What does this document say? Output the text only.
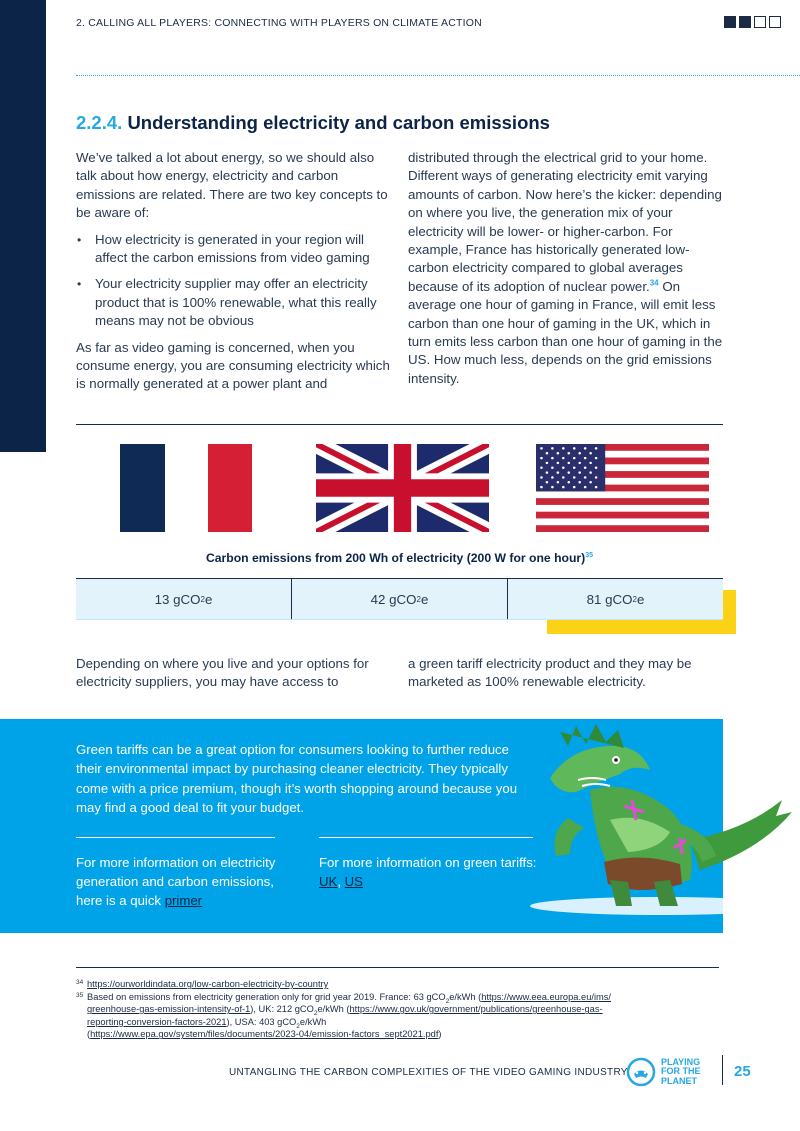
2. CALLING ALL PLAYERS: CONNECTING WITH PLAYERS ON CLIMATE ACTION
2.2.4. Understanding electricity and carbon emissions

We’ve talked a lot about energy, so we should also talk about how energy, electricity and carbon emissions are related. There are two key concepts to be aware of:

• How electricity is generated in your region will affect the carbon emissions from video gaming
• Your electricity supplier may offer an electricity product that is 100% renewable, what this really means may not be obvious

As far as video gaming is concerned, when you consume energy, you are consuming electricity which is normally generated at a power plant and

distributed through the electrical grid to your home. Different ways of generating electricity emit varying amounts of carbon. Now here’s the kicker: depending on where you live, the generation mix of your electricity will be lower- or higher-carbon. For example, France has historically generated low-carbon electricity compared to global averages because of its adoption of nuclear power.$^{34}$ On average one hour of gaming in France, will emit less carbon than one hour of gaming in the UK, which in turn emits less carbon than one hour of gaming in the US. How much less, depends on the grid emissions intensity.

Carbon emissions from 200 Wh of electricity (200 W for one hour)$^{35}$
13
gCO 2 e	42
gCO 2 e	81
gCO 2 e

Depending on where you live and your options for electricity suppliers, you may have access to

a green tariff electricity product and they may be marketed as 100% renewable electricity.

Green tariffs can be a great option for consumers looking to further reduce their environmental impact by purchasing cleaner electricity. They typically come with a price premium, though it’s worth shopping around because you may find a good deal to fit your budget.
For more information on electricity generation and carbon emissions, here is a quick primer
For more information on green tariffs: UK, US
34 https://ourworldindata.org/low-carbon-electricity-by-country
35 Based on emissions from electricity generation only for grid year 2019. France: 63 gCO$_2$e/kWh (https://www.eea.europa.eu/ims/
greenhouse-gas-emission-intensity-of-1), UK: 212 gCO$_2$e/kWh (https://www.gov.uk/government/publications/greenhouse-gas-
reporting-conversion-factors-2021), USA: 403 gCO$_2$e/kWh
(https://www.epa.gov/system/files/documents/2023-04/emission-factors_sept2021.pdf)
UNTANGLING THE CARBON COMPLEXITIES OF THE VIDEO GAMING INDUSTRY
PLAYING
FOR THE
PLANET
25
